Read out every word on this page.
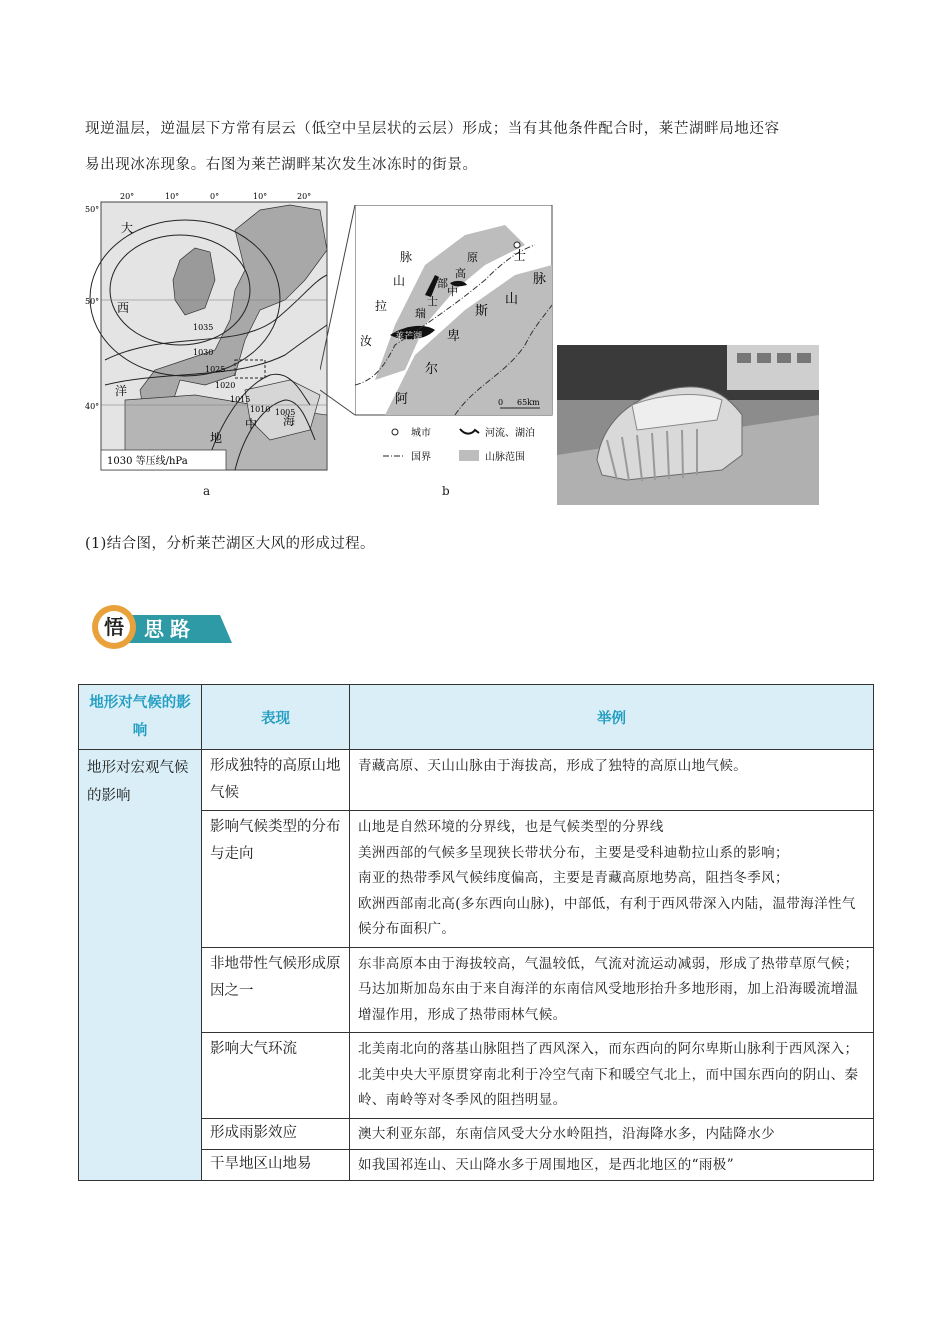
现逆温层，逆温层下方常有层云（低空中呈层状的云层）形成；当有其他条件配合时，莱芒湖畔局地还容
易出现冰冻现象。右图为莱芒湖畔某次发生冰冻时的街景。
50°
50°
40°
20°	10°	0°	10°	20°
大
西
洋
地
中 海
1035
1030
1025
1020
1015
1010 1005
1030 等压线/hPa
a
脉
山
拉
汝
部
中
士
瑞
原
高
斯
卑
尔
阿
山
脉
士
莱芒湖
0 65km
城市	河流、湖泊
国界	山脉范围
b
(1)结合图，分析莱芒湖区大风的形成过程。
悟 思路
地形对气候的影响	表现	举例
地形对宏观气候的影响	形成独特的高原山地气候	青藏高原、天山山脉由于海拔高，形成了独特的高原山地气候。

	影响气候类型的分布与走向	山地是自然环境的分界线，也是气候类型的分界线
美洲西部的气候多呈现狭长带状分布，主要是受科迪勒拉山系的影响；
南亚的热带季风气候纬度偏高，主要是青藏高原地势高，阻挡冬季风；
欧洲西部南北高(多东西向山脉)，中部低，有利于西风带深入内陆，温带海洋性气候分布面积广。

	非地带性气候形成原因之一	东非高原本由于海拔较高，气温较低，气流对流运动减弱，形成了热带草原气候；
马达加斯加岛东由于来自海洋的东南信风受地形抬升多地形雨，加上沿海暖流增温增湿作用，形成了热带雨林气候。

	影响大气环流	北美南北向的落基山脉阻挡了西风深入，而东西向的阿尔卑斯山脉利于西风深入；北美中央大平原贯穿南北利于冷空气南下和暖空气北上，而中国东西向的阴山、秦岭、南岭等对冬季风的阻挡明显。

	形成雨影效应	澳大利亚东部，东南信风受大分水岭阻挡，沿海降水多，内陆降水少

	干旱地区山地易	如我国祁连山、天山降水多于周围地区，是西北地区的“雨极”
